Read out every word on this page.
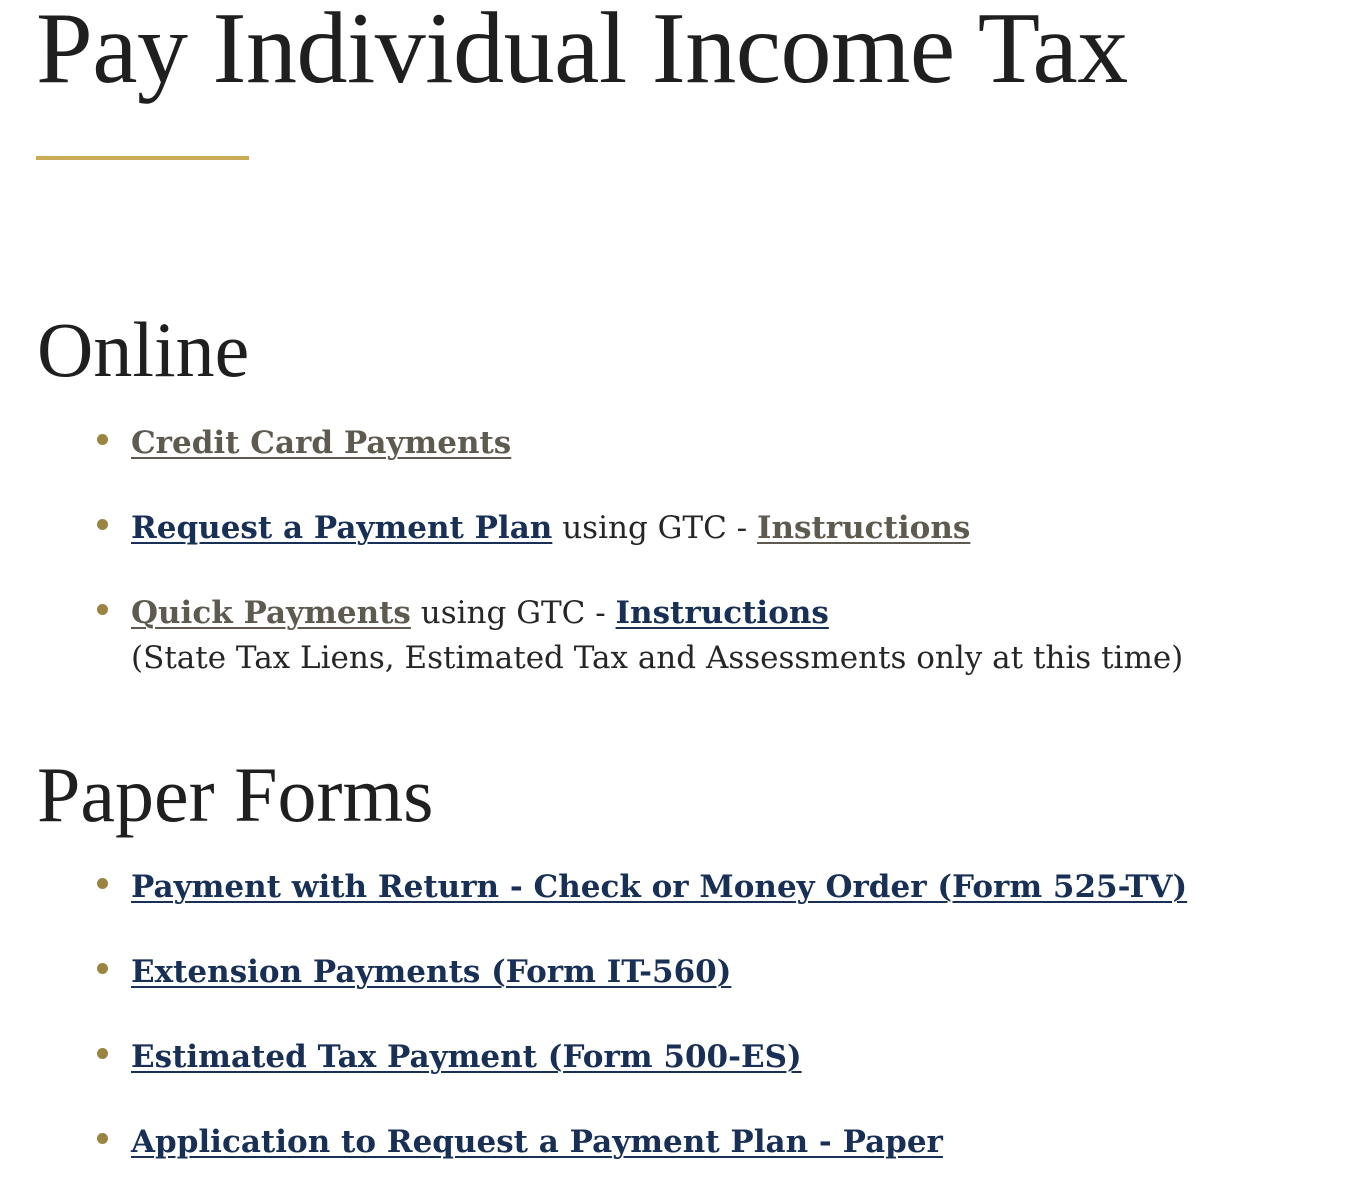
Pay Individual Income Tax
Online
Credit Card Payments
Request a Payment Plan using GTC - Instructions
Quick Payments using GTC - Instructions
(State Tax Liens, Estimated Tax and Assessments only at this time)
Paper Forms
Payment with Return - Check or Money Order (Form 525-TV)
Extension Payments (Form IT-560)
Estimated Tax Payment (Form 500-ES)
Application to Request a Payment Plan - Paper
